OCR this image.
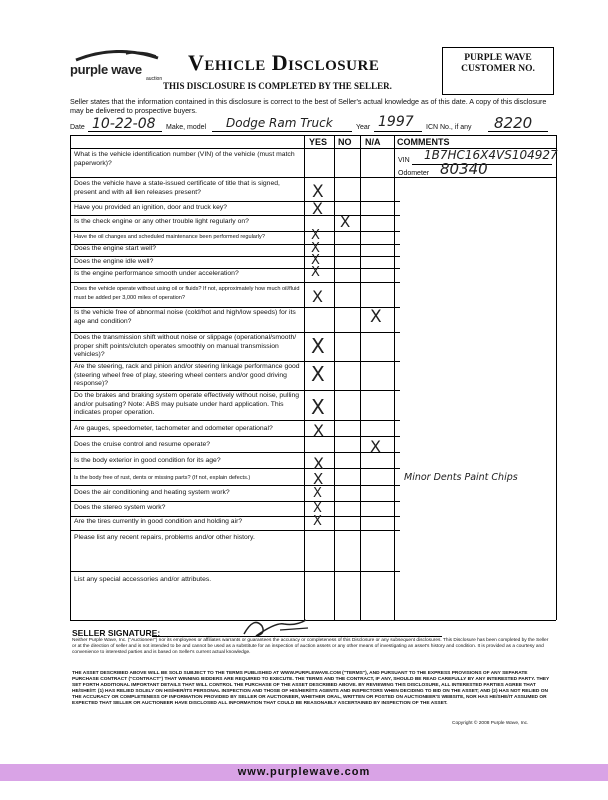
purple wave
auction
Vehicle Disclosure
THIS DISCLOSURE IS COMPLETED BY THE SELLER.
PURPLE WAVE
CUSTOMER NO.
Seller states that the information contained in this disclosure is correct to the best of Seller's actual knowledge as of this date. A copy of this disclosure may be delivered to prospective buyers.
Date 10-22-08 Make, model Dodge Ram Truck	Year 1997 ICN No., if any 8220
YES NO N/A COMMENTS
VIN 1B7HC16X4VS104927
Odometer 80340
What is the vehicle identification number (VIN) of the vehicle (must match paperwork)?
Does the vehicle have a state-issued certificate of title that is signed, present and with all lien releases present?
Have you provided an ignition, door and truck key?
Is the check engine or any other trouble light regularly on?
Have the oil changes and scheduled maintenance been performed regularly?
Does the engine start well?
Does the engine idle well?
Is the engine performance smooth under acceleration?
Does the vehicle operate without using oil or fluids? If not, approximately how much oil/fluid must be added per 3,000 miles of operation?
Is the vehicle free of abnormal noise (cold/hot and high/low speeds) for its age and condition?
Does the transmission shift without noise or slippage (operational/smooth/ proper shift points/clutch operates smoothly on manual transmission vehicles)?
Are the steering, rack and pinion and/or steering linkage performance good (steering wheel free of play, steering wheel centers and/or good driving response)?
Do the brakes and braking system operate effectively without noise, pulling and/or pulsating? Note: ABS may pulsate under hard application. This indicates proper operation.
Are gauges, speedometer, tachometer and odometer operational?
Does the cruise control and resume operate?
Is the body exterior in good condition for its age?
Is the body free of rust, dents or missing parts? (If not, explain defects.)
Does the air conditioning and heating system work?
Does the stereo system work?
Are the tires currently in good condition and holding air?
Please list any recent repairs, problems and/or other history.
List any special accessories and/or attributes.
X
X
X
X
X
X
X
X
X
X
X
X
X
X
X
X
X
X
X
Minor Dents Paint Chips
SELLER SIGNATURE:
Neither Purple Wave, Inc. ("Auctioneer") nor its employees or affiliates warrants or guarantees the accuracy or completeness of this Disclosure or any subsequent disclosures. This Disclosure has been completed by the Seller or at the direction of seller and is not intended to be and cannot be used as a substitute for an inspection of auction assets or any other means of investigating an asset's history and condition. It is provided as a courtesy and convenience to interested parties and is based on Seller's current actual knowledge.
THE ASSET DESCRIBED ABOVE WILL BE SOLD SUBJECT TO THE TERMS PUBLISHED AT WWW.PURPLEWAVE.COM ("TERMS"), AND PURSUANT TO THE EXPRESS PROVISIONS OF ANY SEPARATE PURCHASE CONTRACT ("CONTRACT") THAT WINNING BIDDERS ARE REQUIRED TO EXECUTE. THE TERMS AND THE CONTRACT, IF ANY, SHOULD BE READ CAREFULLY BY ANY INTERESTED PARTY. THEY SET FORTH ADDITIONAL IMPORTANT DETAILS THAT WILL CONTROL THE PURCHASE OF THE ASSET DESCRIBED ABOVE. BY REVIEWING THIS DISCLOSURE, ALL INTERESTED PARTIES AGREE THAT HE/SHE/IT: (1) HAS RELIED SOLELY ON HIS/HER/ITS PERSONAL INSPECTION AND THOSE OF HIS/HER/ITS AGENTS AND INSPECTORS WHEN DECIDING TO BID ON THE ASSET; AND (2) HAS NOT RELIED ON THE ACCURACY OR COMPLETENESS OF INFORMATION PROVIDED BY SELLER OR AUCTIONEER, WHETHER ORAL, WRITTEN OR POSTED ON AUCTIONEER'S WEBSITE, NOR HAS HE/SHE/IT ASSUMED OR EXPECTED THAT SELLER OR AUCTIONEER HAVE DISCLOSED ALL INFORMATION THAT COULD BE REASONABLY ASCERTAINED BY INSPECTION OF THE ASSET.
Copyright © 2008 Purple Wave, Inc.
www.purplewave.com
